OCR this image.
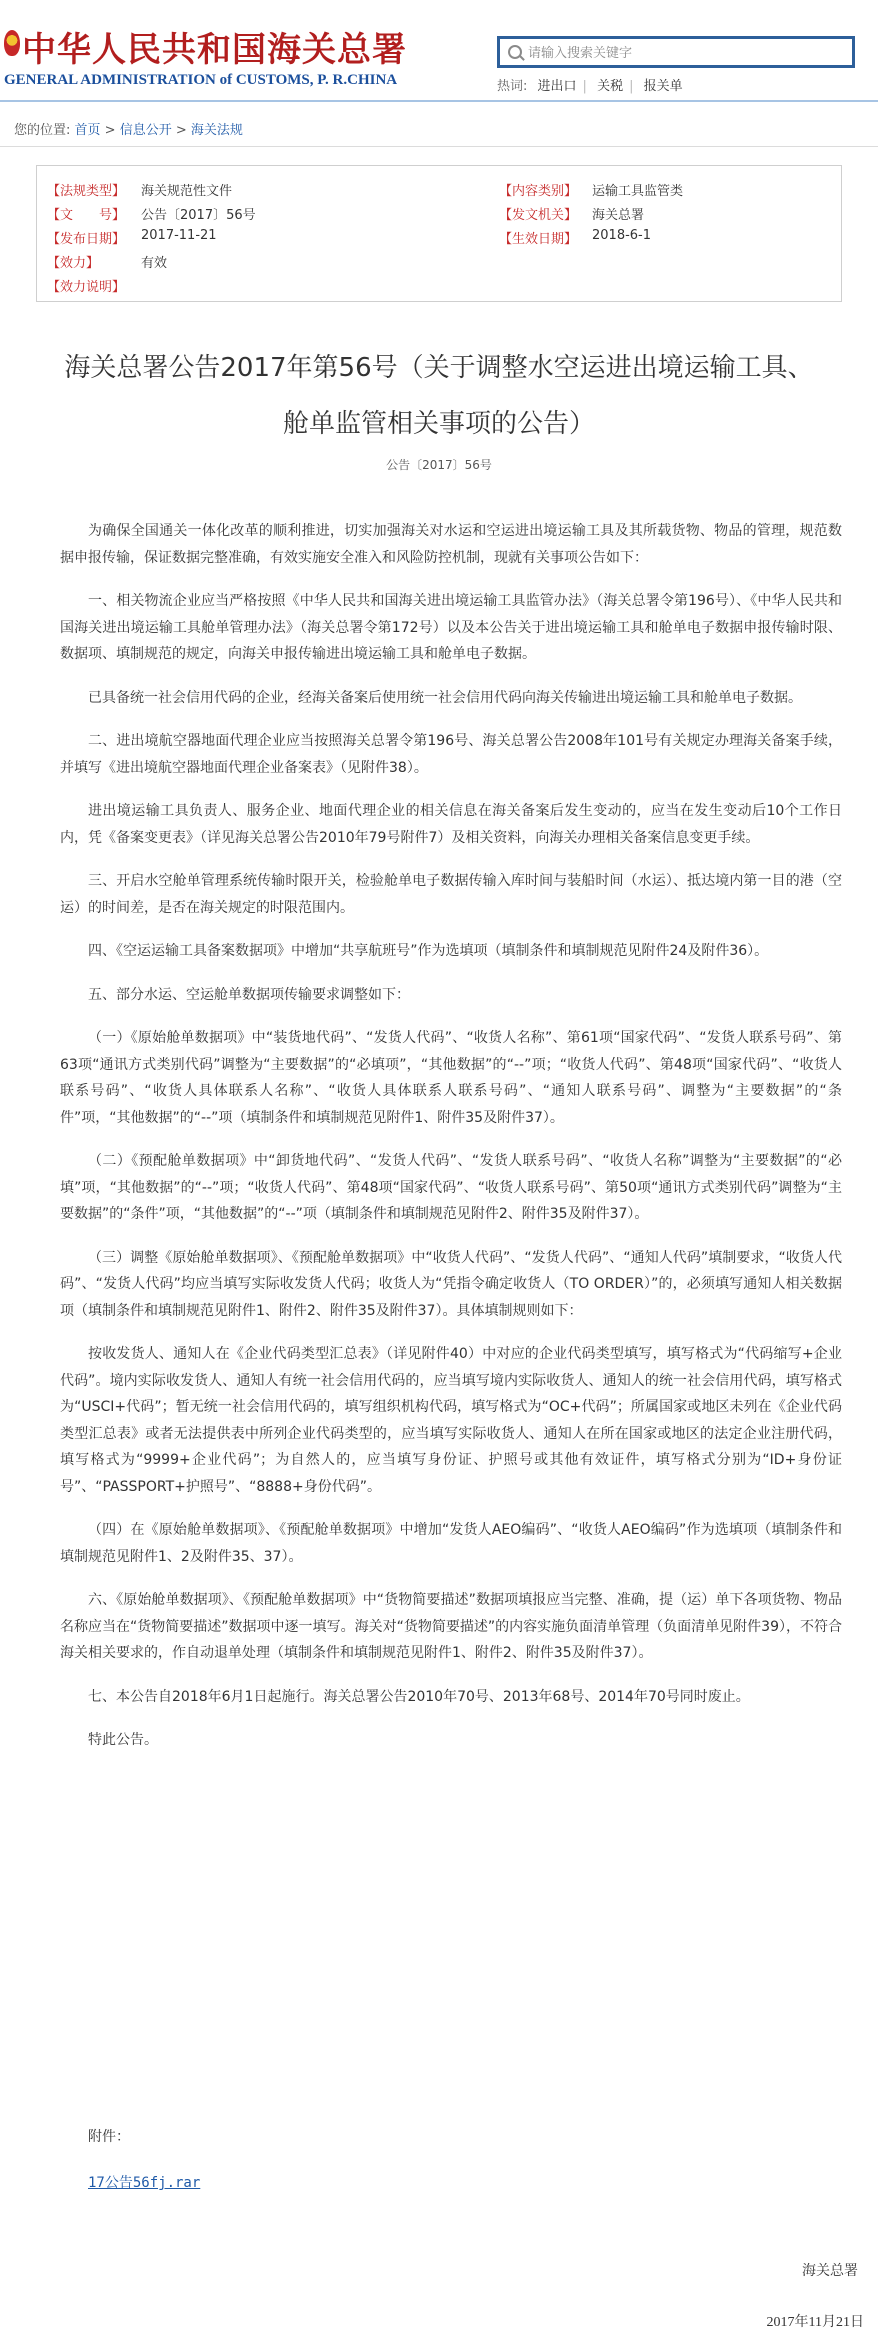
中华人民共和国海关总署
GENERAL ADMINISTRATION of CUSTOMS, P. R.CHINA
请输入搜索关键字	热词: 进出口 | 关税 | 报关单
您的位置: 首页 > 信息公开 > 海关法规
【法规类型】 海关规范性文件	【内容类别】 运输工具监管类
【文　　号】 公告〔2017〕56号	【发文机关】 海关总署
【发布日期】 2017-11-21	【生效日期】 2018-6-1
【效力】	有效
【效力说明】
海关总署公告2017年第56号（关于调整水空运进出境运输工具、
舱单监管相关事项的公告）
公告〔2017〕56号

为确保全国通关一体化改革的顺利推进，切实加强海关对水运和空运进出境运输工具及其所载货物、物品的管理，规范数据申报传输，保证数据完整准确，有效实施安全准入和风险防控机制，现就有关事项公告如下：

一、相关物流企业应当严格按照《中华人民共和国海关进出境运输工具监管办法》（海关总署令第196号）、《中华人民共和国海关进出境运输工具舱单管理办法》（海关总署令第172号）以及本公告关于进出境运输工具和舱单电子数据申报传输时限、数据项、填制规范的规定，向海关申报传输进出境运输工具和舱单电子数据。

已具备统一社会信用代码的企业，经海关备案后使用统一社会信用代码向海关传输进出境运输工具和舱单电子数据。

二、进出境航空器地面代理企业应当按照海关总署令第196号、海关总署公告2008年101号有关规定办理海关备案手续，并填写《进出境航空器地面代理企业备案表》（见附件38）。

进出境运输工具负责人、服务企业、地面代理企业的相关信息在海关备案后发生变动的，应当在发生变动后10个工作日内，凭《备案变更表》（详见海关总署公告2010年79号附件7）及相关资料，向海关办理相关备案信息变更手续。

三、开启水空舱单管理系统传输时限开关，检验舱单电子数据传输入库时间与装船时间（水运）、抵达境内第一目的港（空运）的时间差，是否在海关规定的时限范围内。

四、《空运运输工具备案数据项》中增加“共享航班号”作为选填项（填制条件和填制规范见附件24及附件36）。

五、部分水运、空运舱单数据项传输要求调整如下：

（一）《原始舱单数据项》中“装货地代码”、“发货人代码”、“收货人名称”、第61项“国家代码”、“发货人联系号码”、第63项“通讯方式类别代码”调整为“主要数据”的“必填项”，“其他数据”的“--”项；“收货人代码”、第48项“国家代码”、“收货人联系号码”、“收货人具体联系人名称”、“收货人具体联系人联系号码”、“通知人联系号码”、调整为“主要数据”的“条件”项，“其他数据”的“--”项（填制条件和填制规范见附件1、附件35及附件37）。

（二）《预配舱单数据项》中“卸货地代码”、“发货人代码”、“发货人联系号码”、“收货人名称”调整为“主要数据”的“必填”项，“其他数据”的“--”项；“收货人代码”、第48项“国家代码”、“收货人联系号码”、第50项“通讯方式类别代码”调整为“主要数据”的“条件”项，“其他数据”的“--”项（填制条件和填制规范见附件2、附件35及附件37）。

（三）调整《原始舱单数据项》、《预配舱单数据项》中“收货人代码”、“发货人代码”、“通知人代码”填制要求，“收货人代码”、“发货人代码”均应当填写实际收发货人代码；收货人为“凭指令确定收货人（TO ORDER）”的，必须填写通知人相关数据项（填制条件和填制规范见附件1、附件2、附件35及附件37）。具体填制规则如下：

按收发货人、通知人在《企业代码类型汇总表》（详见附件40）中对应的企业代码类型填写，填写格式为“代码缩写+企业代码”。境内实际收发货人、通知人有统一社会信用代码的，应当填写境内实际收货人、通知人的统一社会信用代码，填写格式为“USCI+代码”；暂无统一社会信用代码的，填写组织机构代码，填写格式为“OC+代码”；所属国家或地区未列在《企业代码类型汇总表》或者无法提供表中所列企业代码类型的，应当填写实际收货人、通知人在所在国家或地区的法定企业注册代码，填写格式为“9999+企业代码”；为自然人的，应当填写身份证、护照号或其他有效证件，填写格式分别为“ID+身份证号”、“PASSPORT+护照号”、“8888+身份代码”。

（四）在《原始舱单数据项》、《预配舱单数据项》中增加“发货人AEO编码”、“收货人AEO编码”作为选填项（填制条件和填制规范见附件1、2及附件35、37）。

六、《原始舱单数据项》、《预配舱单数据项》中“货物简要描述”数据项填报应当完整、准确，提（运）单下各项货物、物品名称应当在“货物简要描述”数据项中逐一填写。海关对“货物简要描述”的内容实施负面清单管理（负面清单见附件39），不符合海关相关要求的，作自动退单处理（填制条件和填制规范见附件1、附件2、附件35及附件37）。

七、本公告自2018年6月1日起施行。海关总署公告2010年70号、2013年68号、2014年70号同时废止。

特此公告。

附件：
17公告56fj.rar
海关总署
2017年11月21日
